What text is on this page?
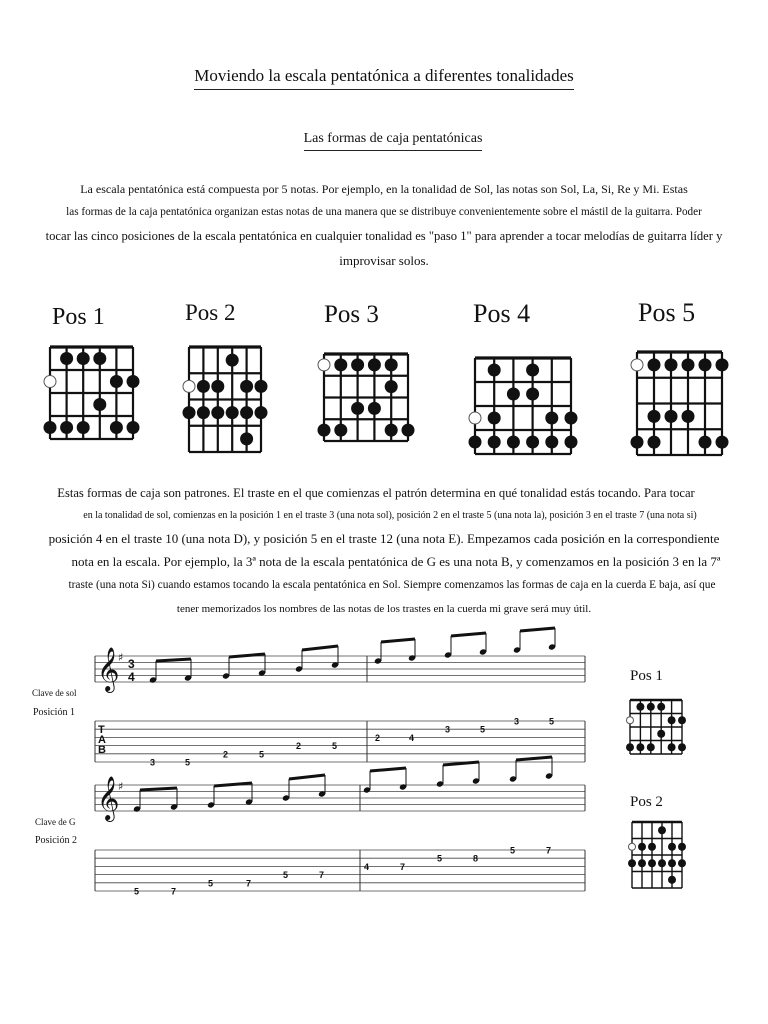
Moviendo la escala pentatónica a diferentes tonalidades
Las formas de caja pentatónicas
La escala pentatónica está compuesta por 5 notas. Por ejemplo, en la tonalidad de Sol, las notas son Sol, La, Si, Re y Mi. Estas
las formas de la caja pentatónica organizan estas notas de una manera que se distribuye convenientemente sobre el mástil de la guitarra. Poder
tocar las cinco posiciones de la escala pentatónica en cualquier tonalidad es "paso 1" para aprender a tocar melodías de guitarra líder y
improvisar solos.
Pos 1	Pos 2	Pos 3	Pos 4	Pos 5
Estas formas de caja son patrones. El traste en el que comienzas el patrón determina en qué tonalidad estás tocando. Para tocar
en la tonalidad de sol, comienzas en la posición 1 en el traste 3 (una nota sol), posición 2 en el traste 5 (una nota la), posición 3 en el traste 7 (una nota si)
posición 4 en el traste 10 (una nota D), y posición 5 en el traste 12 (una nota E). Empezamos cada posición en la correspondiente
nota en la escala. Por ejemplo, la 3ª nota de la escala pentatónica de G es una nota B, y comenzamos en la posición 3 en la 7ª
traste (una nota Si) cuando estamos tocando la escala pentatónica en Sol. Siempre comenzamos las formas de caja en la cuerda E baja, así que
tener memorizados los nombres de las notas de los trastes en la cuerda mi grave será muy útil.
𝄞
♯ 3
4
T
A
B
3	5
2	5
2	5
2	4
3	5
3	5
Pos 1
𝄞
♯
5	7
5	7
5	7
4	7
5	8
5	7
Pos 2
Clave de sol
Posición 1
Clave de G
Posición 2
